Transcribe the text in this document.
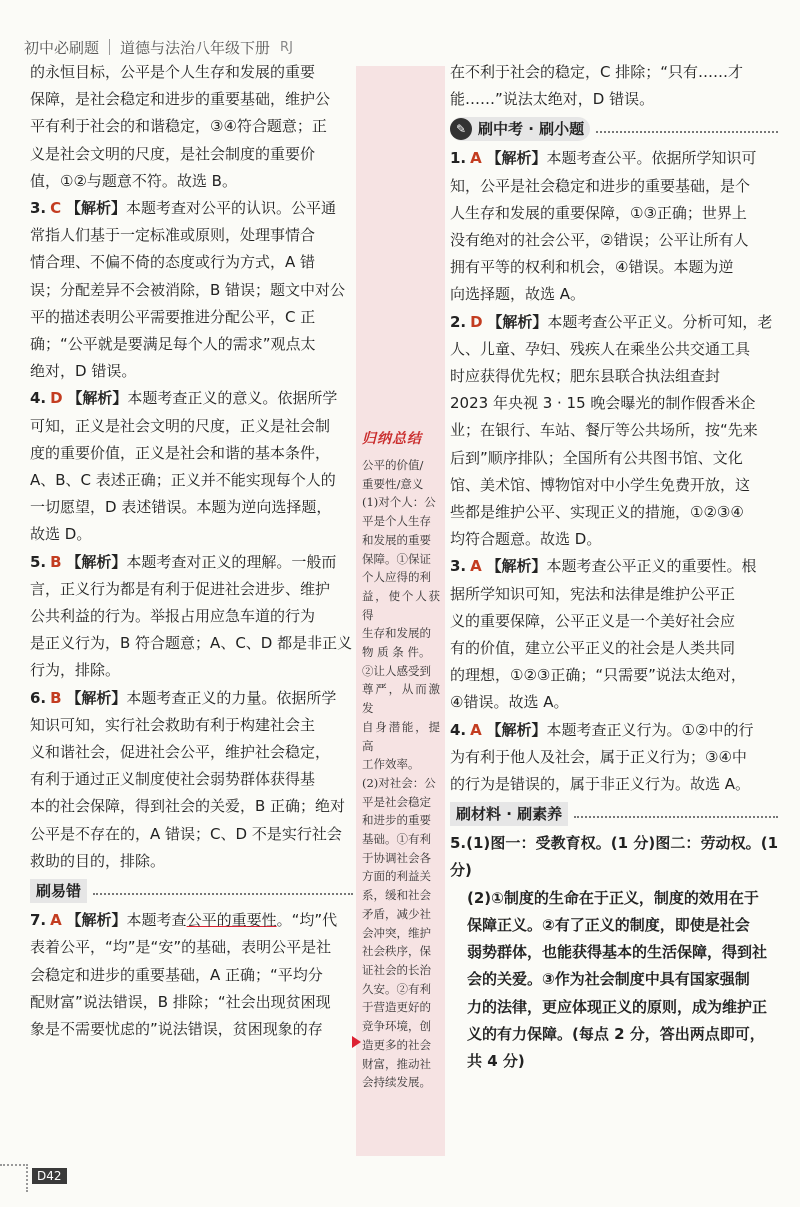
初中必刷题 道德与法治八年级下册 RJ
的永恒目标，公平是个人生存和发展的重要
保障，是社会稳定和进步的重要基础，维护公
平有利于社会的和谐稳定，③④符合题意；正
义是社会文明的尺度，是社会制度的重要价
值，①②与题意不符。故选 B。

3. C 【解析】本题考查对公平的认识。公平通

常指人们基于一定标准或原则，处理事情合
情合理、不偏不倚的态度或行为方式，A 错
误；分配差异不会被消除，B 错误；题文中对公
平的描述表明公平需要推进分配公平，C 正
确；“公平就是要满足每个人的需求”观点太
绝对，D 错误。

4. D 【解析】本题考查正义的意义。依据所学

可知，正义是社会文明的尺度，正义是社会制
度的重要价值，正义是社会和谐的基本条件，
A、B、C 表述正确；正义并不能实现每个人的
一切愿望，D 表述错误。本题为逆向选择题，
故选 D。

5. B 【解析】本题考查对正义的理解。一般而

言，正义行为都是有利于促进社会进步、维护
公共利益的行为。举报占用应急车道的行为
是正义行为，B 符合题意；A、C、D 都是非正义
行为，排除。

6. B 【解析】本题考查正义的力量。依据所学

知识可知，实行社会救助有利于构建社会主
义和谐社会，促进社会公平，维护社会稳定，
有利于通过正义制度使社会弱势群体获得基
本的社会保障，得到社会的关爱，B 正确；绝对
公平是不存在的，A 错误；C、D 不是实行社会
救助的目的，排除。
刷易错

7. A 【解析】本题考查公平的重要性。“均”代

表着公平，“均”是“安”的基础，表明公平是社
会稳定和进步的重要基础，A 正确；“平均分
配财富”说法错误，B 排除；“社会出现贫困现
象是不需要忧虑的”说法错误，贫困现象的存
归纳总结
公平的价值/
重要性/意义
(1)对个人：公
平是个人生存
和发展的重要
保障。①保证
个人应得的利
益，使个人获得
生存和发展的
物 质 条 件。
②让人感受到
尊严，从而激发
自身潜能，提高
工作效率。
(2)对社会：公
平是社会稳定
和进步的重要
基础。①有利
于协调社会各
方面的利益关
系，缓和社会
矛盾，减少社
会冲突，维护
社会秩序，保
证社会的长治
久安。②有利
于营造更好的
竞争环境，创
造更多的社会
财富，推动社
会持续发展。
在不利于社会的稳定，C 排除；“只有……才
能……”说法太绝对，D 错误。
✎ 刷中考 · 刷小题

1. A 【解析】本题考查公平。依据所学知识可

知，公平是社会稳定和进步的重要基础，是个
人生存和发展的重要保障，①③正确；世界上
没有绝对的社会公平，②错误；公平让所有人
拥有平等的权利和机会，④错误。本题为逆
向选择题，故选 A。

2. D 【解析】本题考查公平正义。分析可知，老

人、儿童、孕妇、残疾人在乘坐公共交通工具
时应获得优先权；肥东县联合执法组查封
2023 年央视 3 · 15 晚会曝光的制作假香米企
业；在银行、车站、餐厅等公共场所，按“先来
后到”顺序排队；全国所有公共图书馆、文化
馆、美术馆、博物馆对中小学生免费开放，这
些都是维护公平、实现正义的措施，①②③④
均符合题意。故选 D。

3. A 【解析】本题考查公平正义的重要性。根

据所学知识可知，宪法和法律是维护公平正
义的重要保障，公平正义是一个美好社会应
有的价值，建立公平正义的社会是人类共同
的理想，①②③正确；“只需要”说法太绝对，
④错误。故选 A。

4. A 【解析】本题考查正义行为。①②中的行

为有利于他人及社会，属于正义行为；③④中
的行为是错误的，属于非正义行为。故选 A。
刷材料 · 刷素养

5.(1)图一：受教育权。(1 分)图二：劳动权。(1 分)

(2)①制度的生命在于正义，制度的效用在于
保障正义。②有了正义的制度，即使是社会
弱势群体，也能获得基本的生活保障，得到社
会的关爱。③作为社会制度中具有国家强制
力的法律，更应体现正义的原则，成为维护正
义的有力保障。(每点 2 分，答出两点即可，
共 4 分)
D42
